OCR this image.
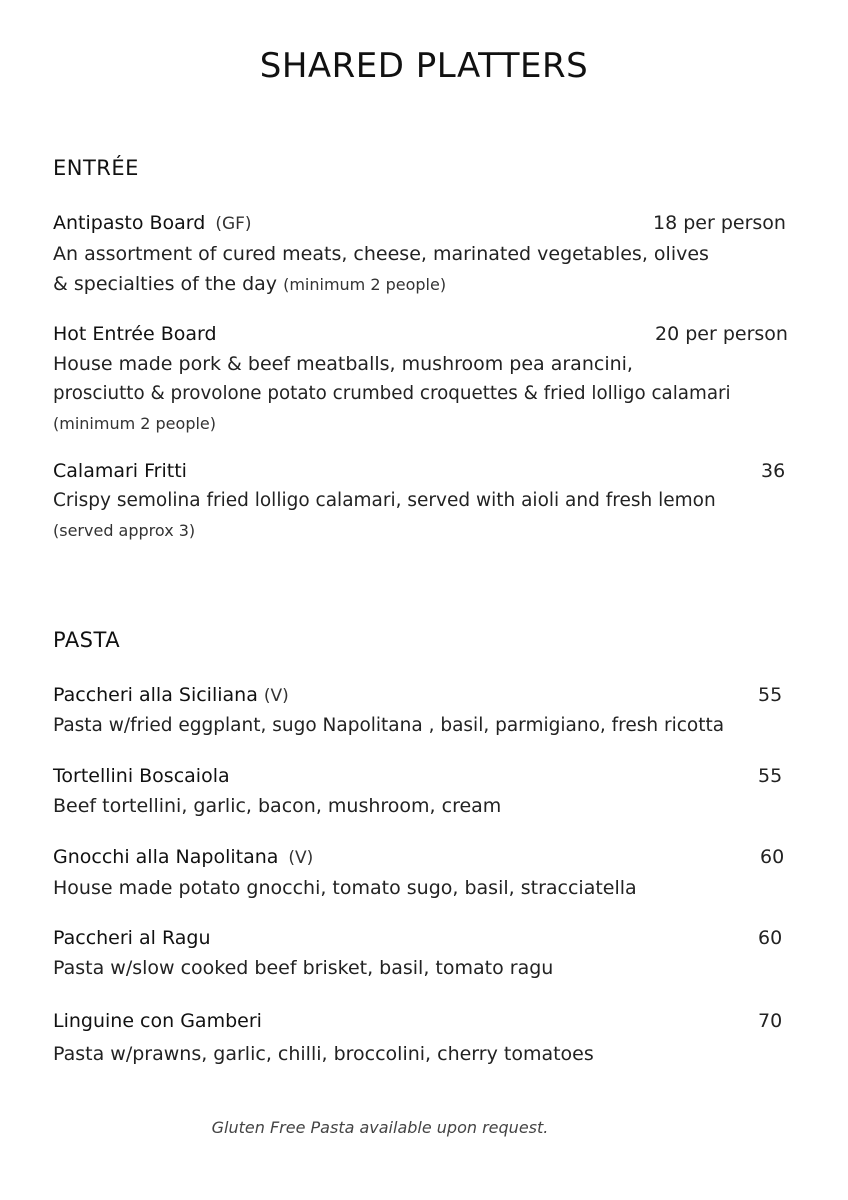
SHARED PLATTERS
ENTRÉE
Antipasto Board (GF)	18 per person
An assortment of cured meats, cheese, marinated vegetables, olives
& specialties of the day (minimum 2 people)
Hot Entrée Board	20 per person
House made pork & beef meatballs, mushroom pea arancini,
prosciutto & provolone potato crumbed croquettes & fried lolligo calamari
(minimum 2 people)
Calamari Fritti	36
Crispy semolina fried lolligo calamari, served with aioli and fresh lemon
(served approx 3)
PASTA
Paccheri alla Siciliana (V)	55
Pasta w/fried eggplant, sugo Napolitana , basil, parmigiano, fresh ricotta
Tortellini Boscaiola	55
Beef tortellini, garlic, bacon, mushroom, cream
Gnocchi alla Napolitana (V)	60
House made potato gnocchi, tomato sugo, basil, stracciatella
Paccheri al Ragu	60
Pasta w/slow cooked beef brisket, basil, tomato ragu
Linguine con Gamberi	70
Pasta w/prawns, garlic, chilli, broccolini, cherry tomatoes
Gluten Free Pasta available upon request.
